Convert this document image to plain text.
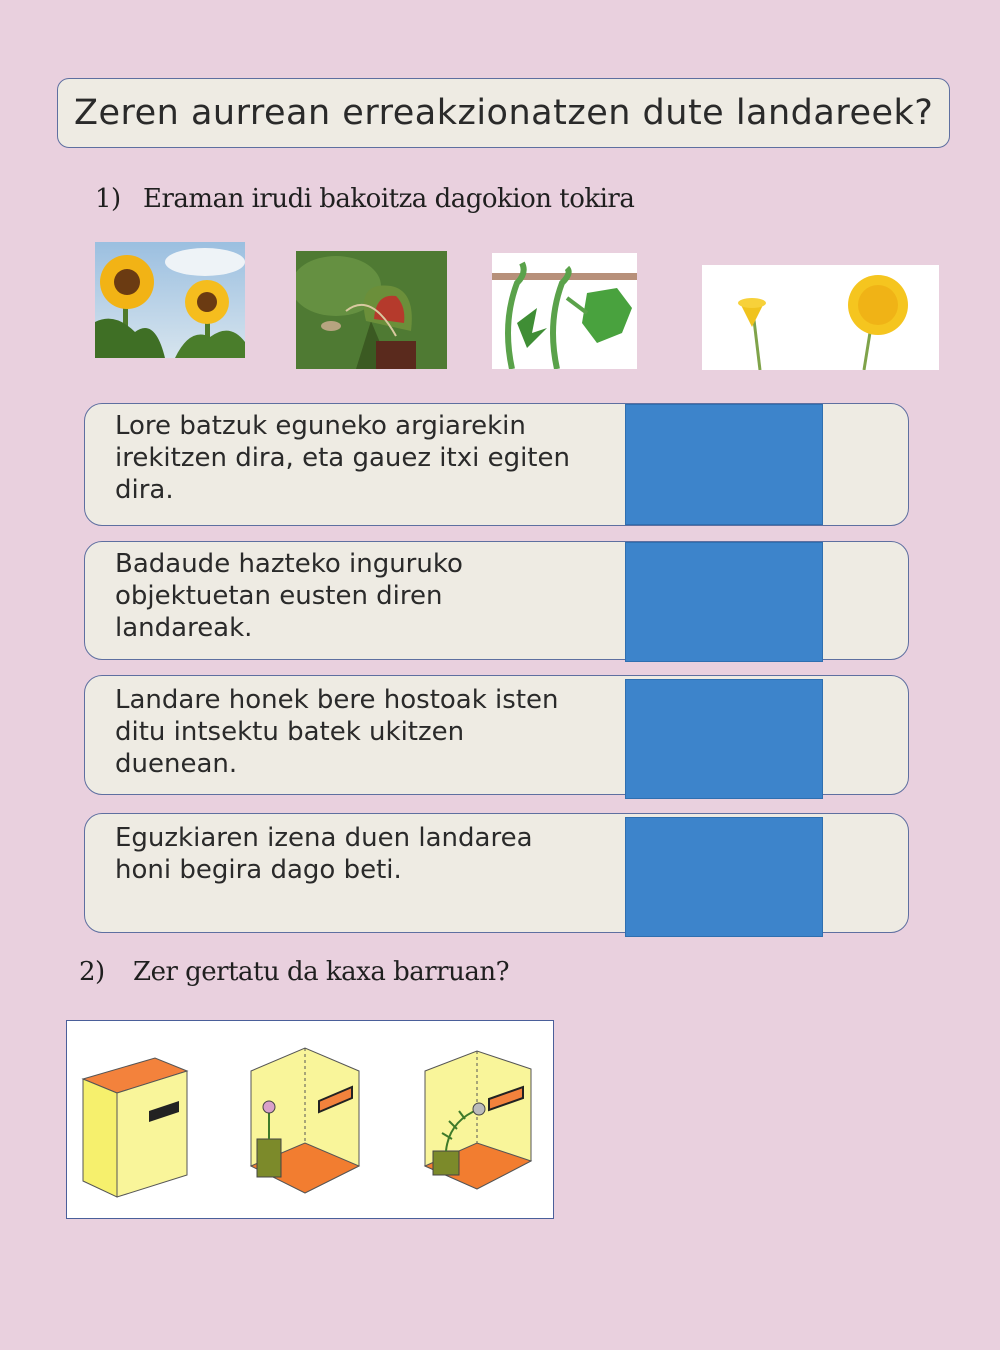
Zeren aurrean erreakzionatzen dute landareek?
1) Eraman irudi bakoitza dagokion tokira
Lore batzuk eguneko argiarekin irekitzen dira, eta gauez itxi egiten dira.
Badaude hazteko inguruko objektuetan eusten diren landareak.
Landare honek bere hostoak isten ditu intsektu batek ukitzen duenean.
Eguzkiaren izena duen landarea honi begira dago beti.
2) Zer gertatu da kaxa barruan?
